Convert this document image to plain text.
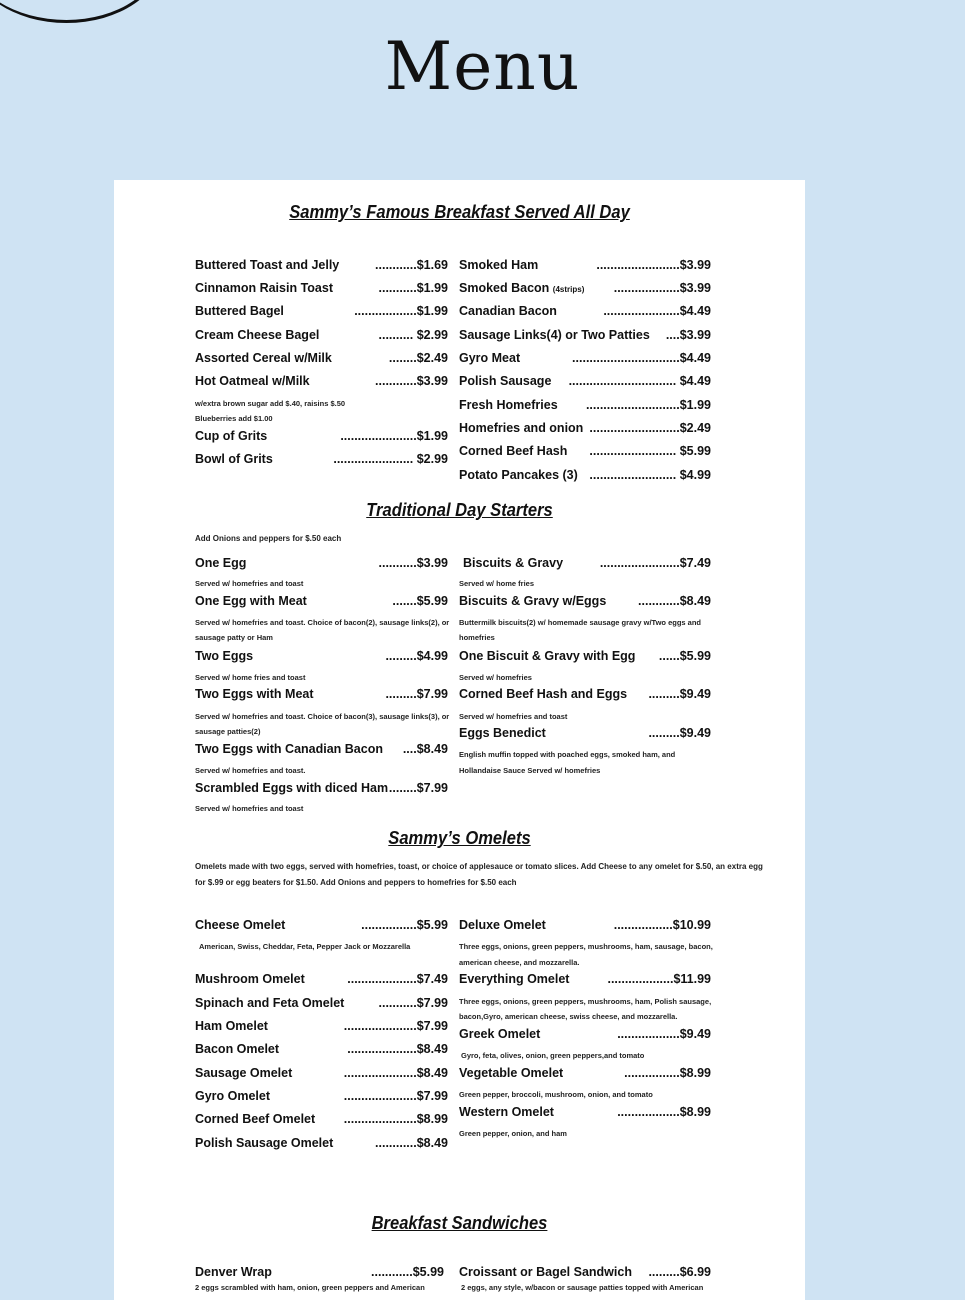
Menu
Sammy’s Famous Breakfast Served All Day
Buttered Toast and Jelly	............$1.69
Cinnamon Raisin Toast	...........$1.99
Buttered Bagel	..................$1.99
Cream Cheese Bagel	.......... $2.99
Assorted Cereal w/Milk	........$2.49
Hot Oatmeal w/Milk	............$3.99
w/extra brown sugar add $.40, raisins $.50
Blueberries add $1.00
Cup of Grits	......................$1.99
Bowl of Grits	....................... $2.99
Smoked Ham	........................$3.99
Smoked Bacon (4strips) ...................$3.99
Canadian Bacon	......................$4.49
Sausage Links(4) or Two Patties ....$3.99
Gyro Meat	...............................$4.49
Polish Sausage ............................... $4.49
Fresh Homefries ...........................$1.99
Homefries and onion ..........................$2.49
Corned Beef Hash ......................... $5.99
Potato Pancakes (3) ......................... $4.99
Traditional Day Starters
Add Onions and peppers for $.50 each
One Egg	...........$3.99
Served w/ homefries and toast
One Egg with Meat	.......$5.99
Served w/ homefries and toast. Choice of bacon(2), sausage links(2), or
sausage patty or Ham
Two Eggs	.........$4.99
Served w/ home fries and toast
Two Eggs with Meat	.........$7.99
Served w/ homefries and toast. Choice of bacon(3), sausage links(3), or
sausage patties(2)
Two Eggs with Canadian Bacon ....$8.49
Served w/ homefries and toast.
Scrambled Eggs with diced Ham ........$7.99
Served w/ homefries and toast
Biscuits & Gravy	.......................$7.49
Served w/ home fries
Biscuits & Gravy w/Eggs	............$8.49
Buttermilk biscuits(2) w/ homemade sausage gravy w/Two eggs and
homefries
One Biscuit & Gravy with Egg ......$5.99
Served w/ homefries
Corned Beef Hash and Eggs .........$9.49
Served w/ homefries and toast
Eggs Benedict	.........$9.49
English muffin topped with poached eggs, smoked ham, and
Hollandaise Sauce Served w/ homefries
Sammy’s Omelets
Omelets made with two eggs, served with homefries, toast, or choice of applesauce or tomato slices. Add Cheese to any omelet for $.50, an extra egg
for $.99 or egg beaters for $1.50. Add Onions and peppers to homefries for $.50 each
Cheese Omelet	................$5.99
American, Swiss, Cheddar, Feta, Pepper Jack or Mozzarella
Mushroom Omelet	....................$7.49
Spinach and Feta Omelet	...........$7.99
Ham Omelet	.....................$7.99
Bacon Omelet	....................$8.49
Sausage Omelet	.....................$8.49
Gyro Omelet	.....................$7.99
Corned Beef Omelet .....................$8.99
Polish Sausage Omelet	............$8.49
Deluxe Omelet	.................$10.99
Three eggs, onions, green peppers, mushrooms, ham, sausage, bacon,
american cheese, and mozzarella.
Everything Omelet	...................$11.99
Three eggs, onions, green peppers, mushrooms, ham, Polish sausage,
bacon,Gyro, american cheese, swiss cheese, and mozzarella.
Greek Omelet	..................$9.49
Gyro, feta, olives, onion, green peppers,and tomato
Vegetable Omelet	................$8.99
Green pepper, broccoli, mushroom, onion, and tomato
Western Omelet	..................$8.99
Green pepper, onion, and ham
Breakfast Sandwiches
Denver Wrap	............$5.99
2 eggs scrambled with ham, onion, green peppers and American
Croissant or Bagel Sandwich .........$6.99
2 eggs, any style, w/bacon or sausage patties topped with American
